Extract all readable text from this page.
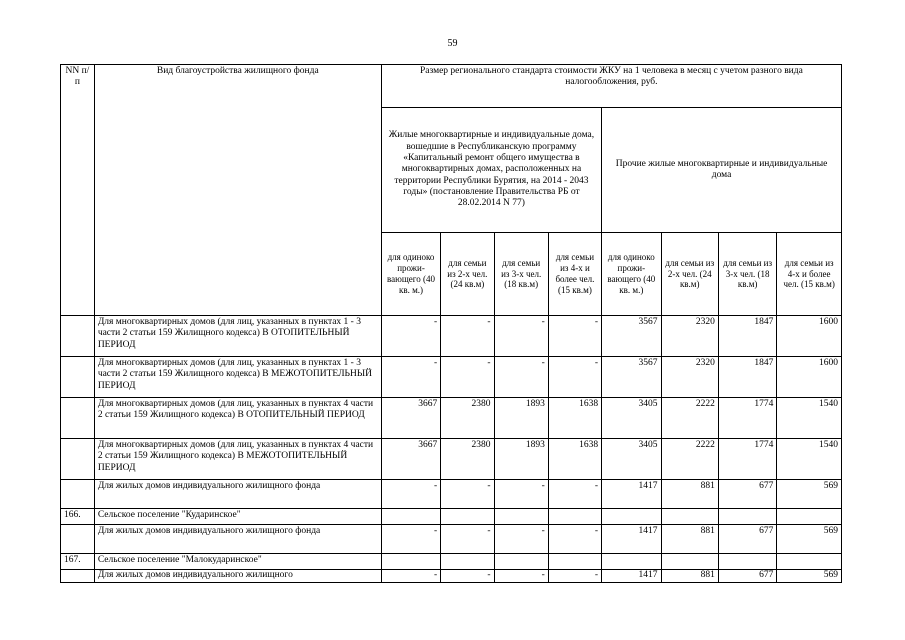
59
NN п/п	Вид благоустройства жилищного фонда	Размер регионального стандарта стоимости ЖКУ на 1 человека в месяц с учетом разного вида налогообложения, руб.							
		Жилые многоквартирные и индивидуальные дома, вошедшие в Республиканскую программу «Капитальный ремонт общего имущества в многоквартирных домах, расположенных на территории Республики Бурятия, на 2014 - 2043 годы» (постановление Правительства РБ от 28.02.2014 N 77)				Прочие жилые многоквартирные и индивидуальные дома			
		для одиноко прожи-вающего (40 кв. м.)	для семьи из 2-х чел. (24 кв.м)	для семьи из 3-х чел. (18 кв.м)	для семьи из 4-х и более чел. (15 кв.м)	для одиноко прожи-вающего (40 кв. м.)	для семьи из 2-х чел. (24 кв.м)	для семьи из 3-х чел. (18 кв.м)	для семьи из 4-х и более чел. (15 кв.м)
	Для многоквартирных домов (для лиц, указанных в пунктах 1 - 3 части 2 статьи 159 Жилищного кодекса) В ОТОПИТЕЛЬНЫЙ ПЕРИОД	-	-	-	-	3567	2320	1847	1600
	Для многоквартирных домов (для лиц, указанных в пунктах 1 - 3 части 2 статьи 159 Жилищного кодекса) В МЕЖОТОПИТЕЛЬНЫЙ ПЕРИОД	-	-	-	-	3567	2320	1847	1600
	Для многоквартирных домов (для лиц, указанных в пунктах 4 части 2 статьи 159 Жилищного кодекса) В ОТОПИТЕЛЬНЫЙ ПЕРИОД	3667	2380	1893	1638	3405	2222	1774	1540
	Для многоквартирных домов (для лиц, указанных в пунктах 4 части 2 статьи 159 Жилищного кодекса) В МЕЖОТОПИТЕЛЬНЫЙ ПЕРИОД	3667	2380	1893	1638	3405	2222	1774	1540
	Для жилых домов индивидуального жилищного фонда	-	-	-	-	1417	881	677	569
166.	Сельское поселение "Кударинское"								
	Для жилых домов индивидуального жилищного фонда	-	-	-	-	1417	881	677	569
167.	Сельское поселение "Малокударинское"								
	Для жилых домов индивидуального жилищного	-	-	-	-	1417	881	677	569
